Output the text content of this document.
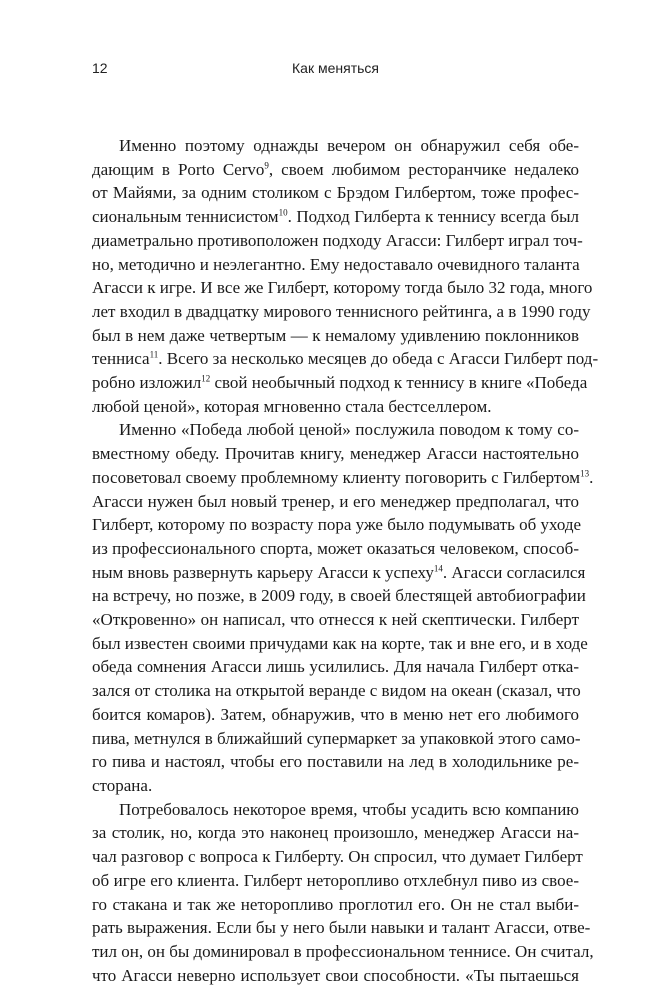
12	Как меняться
Именно поэтому однажды вечером он обнаружил себя обе-
дающим в Porto Cervo$^9$, своем любимом ресторанчике недалеко
от Майями, за одним столиком с Брэдом Гилбертом, тоже профес-
сиональным теннисистом$^{10}$. Подход Гилберта к теннису всегда был
диаметрально противоположен подходу Агасси: Гилберт играл точ-
но, методично и неэлегантно. Ему недоставало очевидного таланта
Агасси к игре. И все же Гилберт, которому тогда было 32 года, много
лет входил в двадцатку мирового теннисного рейтинга, а в 1990 году
был в нем даже четвертым — к немалому удивлению поклонников
тенниса$^{11}$. Всего за несколько месяцев до обеда с Агасси Гилберт под-
робно изложил$^{12}$ свой необычный подход к теннису в книге «Победа
любой ценой», которая мгновенно стала бестселлером.
Именно «Победа любой ценой» послужила поводом к тому со-
вместному обеду. Прочитав книгу, менеджер Агасси настоятельно
посоветовал своему проблемному клиенту поговорить с Гилбертом$^{13}$.
Агасси нужен был новый тренер, и его менеджер предполагал, что
Гилберт, которому по возрасту пора уже было подумывать об уходе
из профессионального спорта, может оказаться человеком, способ-
ным вновь развернуть карьеру Агасси к успеху$^{14}$. Агасси согласился
на встречу, но позже, в 2009 году, в своей блестящей автобиографии
«Откровенно» он написал, что отнесся к ней скептически. Гилберт
был известен своими причудами как на корте, так и вне его, и в ходе
обеда сомнения Агасси лишь усилились. Для начала Гилберт отка-
зался от столика на открытой веранде с видом на океан (сказал, что
боится комаров). Затем, обнаружив, что в меню нет его любимого
пива, метнулся в ближайший супермаркет за упаковкой этого само-
го пива и настоял, чтобы его поставили на лед в холодильнике ре-
сторана.
Потребовалось некоторое время, чтобы усадить всю компанию
за столик, но, когда это наконец произошло, менеджер Агасси на-
чал разговор с вопроса к Гилберту. Он спросил, что думает Гилберт
об игре его клиента. Гилберт неторопливо отхлебнул пиво из свое-
го стакана и так же неторопливо проглотил его. Он не стал выби-
рать выражения. Если бы у него были навыки и талант Агасси, отве-
тил он, он бы доминировал в профессиональном теннисе. Он считал,
что Агасси неверно использует свои способности. «Ты пытаешься
